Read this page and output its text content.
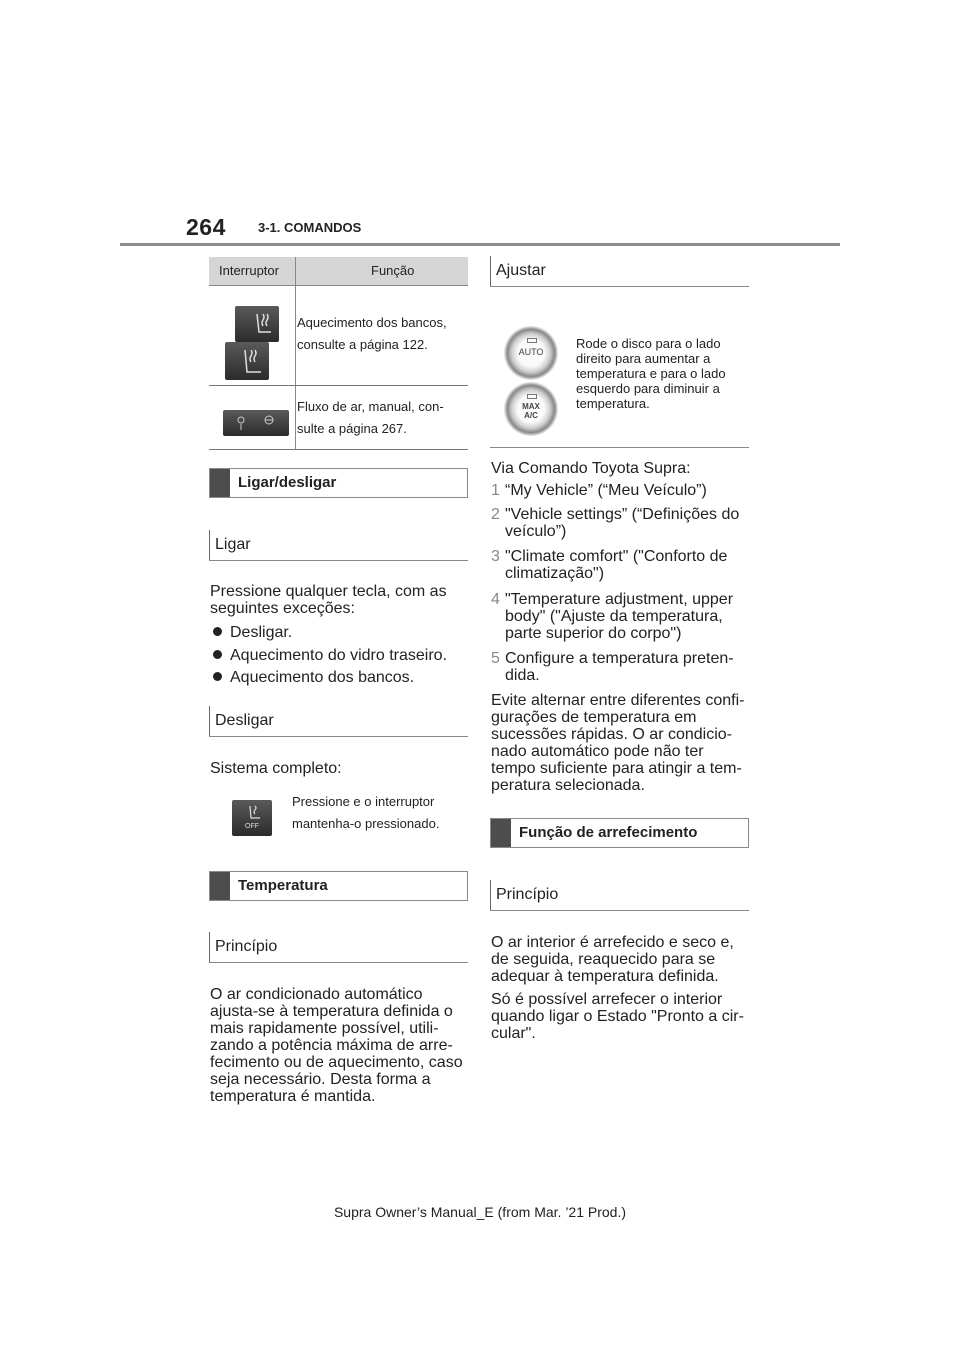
264 3-1. COMANDOS
Interruptor	Função
Aquecimento dos bancos, consulte a página 122.
Fluxo de ar, manual, con-sulte a página 267.
Ligar/desligar
Ligar
Pressione qualquer tecla, com as seguintes exceções:
Desligar.
Aquecimento do vidro traseiro.
Aquecimento dos bancos.
Desligar
Sistema completo:
OFF
Pressione e o interruptor mantenha-o pressionado.
Temperatura
Princípio
O ar condicionado automático ajusta-se à temperatura definida o mais rapidamente possível, utili-zando a potência máxima de arre-fecimento ou de aquecimento, caso seja necessário. Desta forma a temperatura é mantida.
Ajustar
AUTO
MAX
A/C
Rode o disco para o lado direito para aumentar a temperatura e para o lado esquerdo para diminuir a temperatura.
Via Comando Toyota Supra:
1 “My Vehicle” (“Meu Veículo”)
2 "Vehicle settings” (“Definições do veículo”)
3 "Climate comfort" ("Conforto de climatização")
4 "Temperature adjustment, upper body" ("Ajuste da temperatura, parte superior do corpo")
5 Configure a temperatura preten-dida.
Evite alternar entre diferentes confi-gurações de temperatura em sucessões rápidas. O ar condicio-nado automático pode não ter tempo suficiente para atingir a tem-peratura selecionada.
Função de arrefecimento
Princípio
O ar interior é arrefecido e seco e, de seguida, reaquecido para se adequar à temperatura definida.
Só é possível arrefecer o interior quando ligar o Estado "Pronto a cir-cular".
Supra Owner’s Manual_E (from Mar. ’21 Prod.)
